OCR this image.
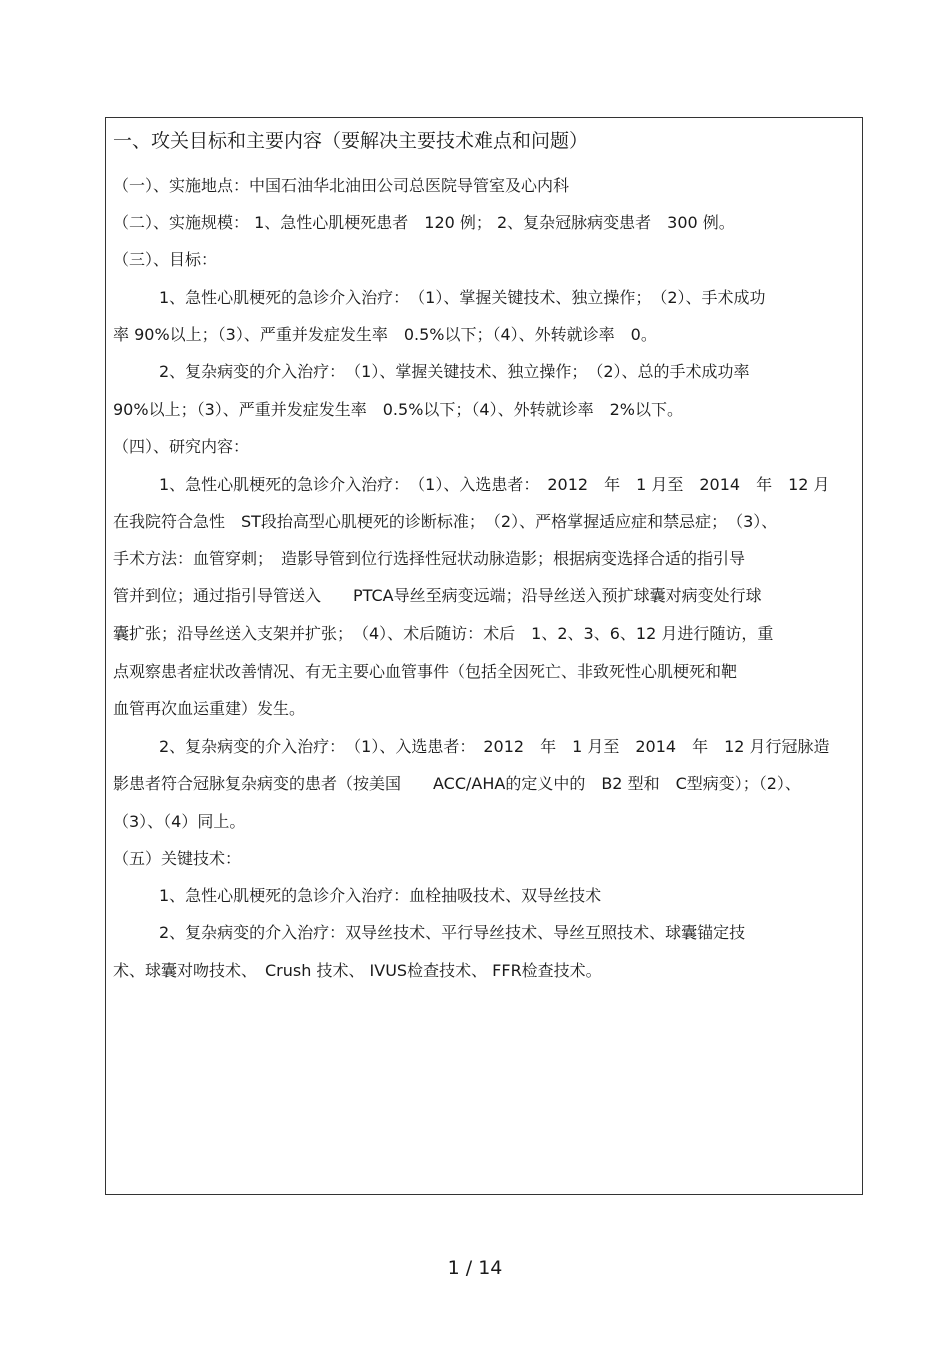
一、攻关目标和主要内容（要解决主要技术难点和问题）
（一）、实施地点：中国石油华北油田公司总医院导管室及心内科
（二）、实施规模： 1、急性心肌梗死患者　120 例； 2、复杂冠脉病变患者　300 例。
（三）、目标：
1、急性心肌梗死的急诊介入治疗：　（1）、掌握关键技术、独立操作；　（2）、手术成功
率 90%以上；（3）、严重并发症发生率　0.5%以下；（4）、外转就诊率　0。
2、复杂病变的介入治疗：　（1）、掌握关键技术、独立操作；　（2）、总的手术成功率
90%以上；（3）、严重并发症发生率　0.5%以下；（4）、外转就诊率　2%以下。
（四）、研究内容：
1、急性心肌梗死的急诊介入治疗：　（1）、入选患者：　2012　年　1 月至　2014　年　12 月
在我院符合急性　ST段抬高型心肌梗死的诊断标准；　（2）、严格掌握适应症和禁忌症；　（3）、
手术方法：血管穿刺；　造影导管到位行选择性冠状动脉造影；根据病变选择合适的指引导
管并到位；通过指引导管送入　　PTCA导丝至病变远端；沿导丝送入预扩球囊对病变处行球
囊扩张；沿导丝送入支架并扩张；　（4）、术后随访：术后　1、2、3、6、12 月进行随访，重
点观察患者症状改善情况、有无主要心血管事件（包括全因死亡、非致死性心肌梗死和靶
血管再次血运重建）发生。
2、复杂病变的介入治疗：　（1）、入选患者：　2012　年　1 月至　2014　年　12 月行冠脉造
影患者符合冠脉复杂病变的患者（按美国　　ACC/AHA的定义中的　B2 型和　C型病变）；（2）、
（3）、（4）同上。
（五）关键技术：
1、急性心肌梗死的急诊介入治疗：血栓抽吸技术、双导丝技术
2、复杂病变的介入治疗：双导丝技术、平行导丝技术、导丝互照技术、球囊锚定技
术、球囊对吻技术、　Crush 技术、 IVUS检查技术、 FFR检查技术。
1 / 14
